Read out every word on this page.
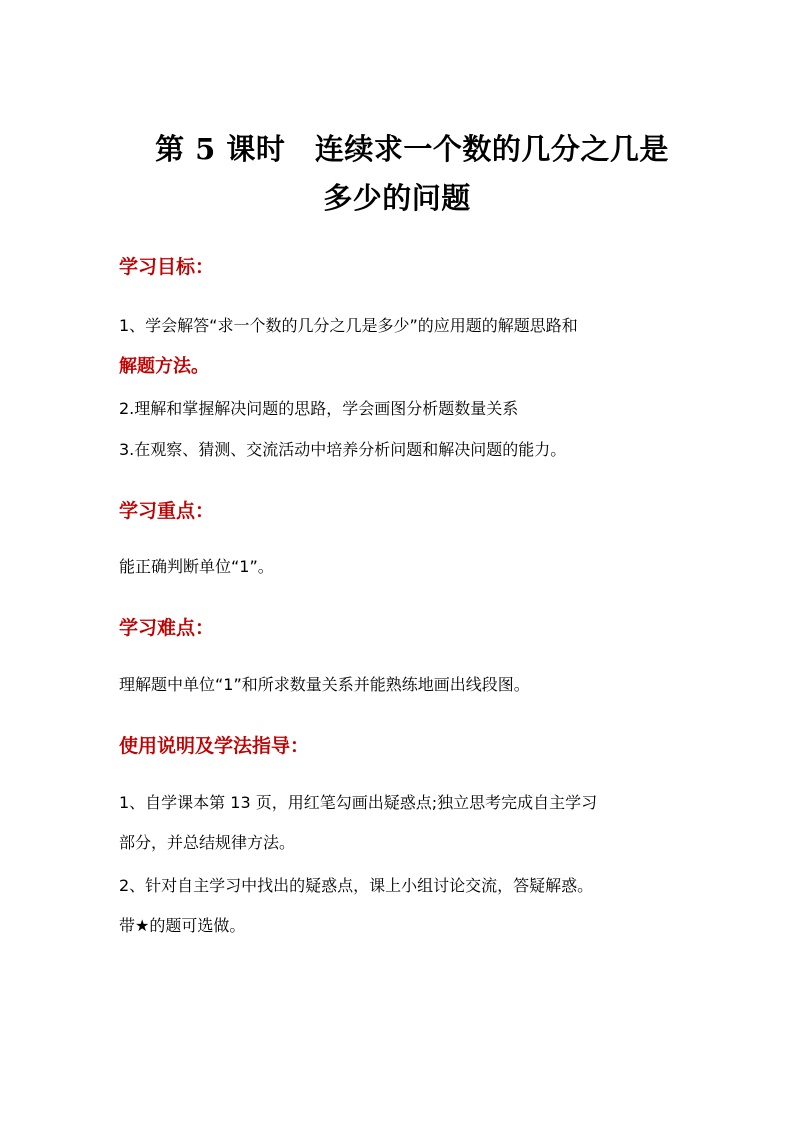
第 5 课时　连续求一个数的几分之几是
多少的问题
学习目标：
1、学会解答“求一个数的几分之几是多少”的应用题的解题思路和
解题方法。
2.理解和掌握解决问题的思路，学会画图分析题数量关系
3.在观察、猜测、交流活动中培养分析问题和解决问题的能力。
学习重点：
能正确判断单位“1”。
学习难点：
理解题中单位“1”和所求数量关系并能熟练地画出线段图。
使用说明及学法指导：
1、自学课本第 13 页，用红笔勾画出疑惑点;独立思考完成自主学习
部分，并总结规律方法。
2、针对自主学习中找出的疑惑点，课上小组讨论交流，答疑解惑。
带★的题可选做。
